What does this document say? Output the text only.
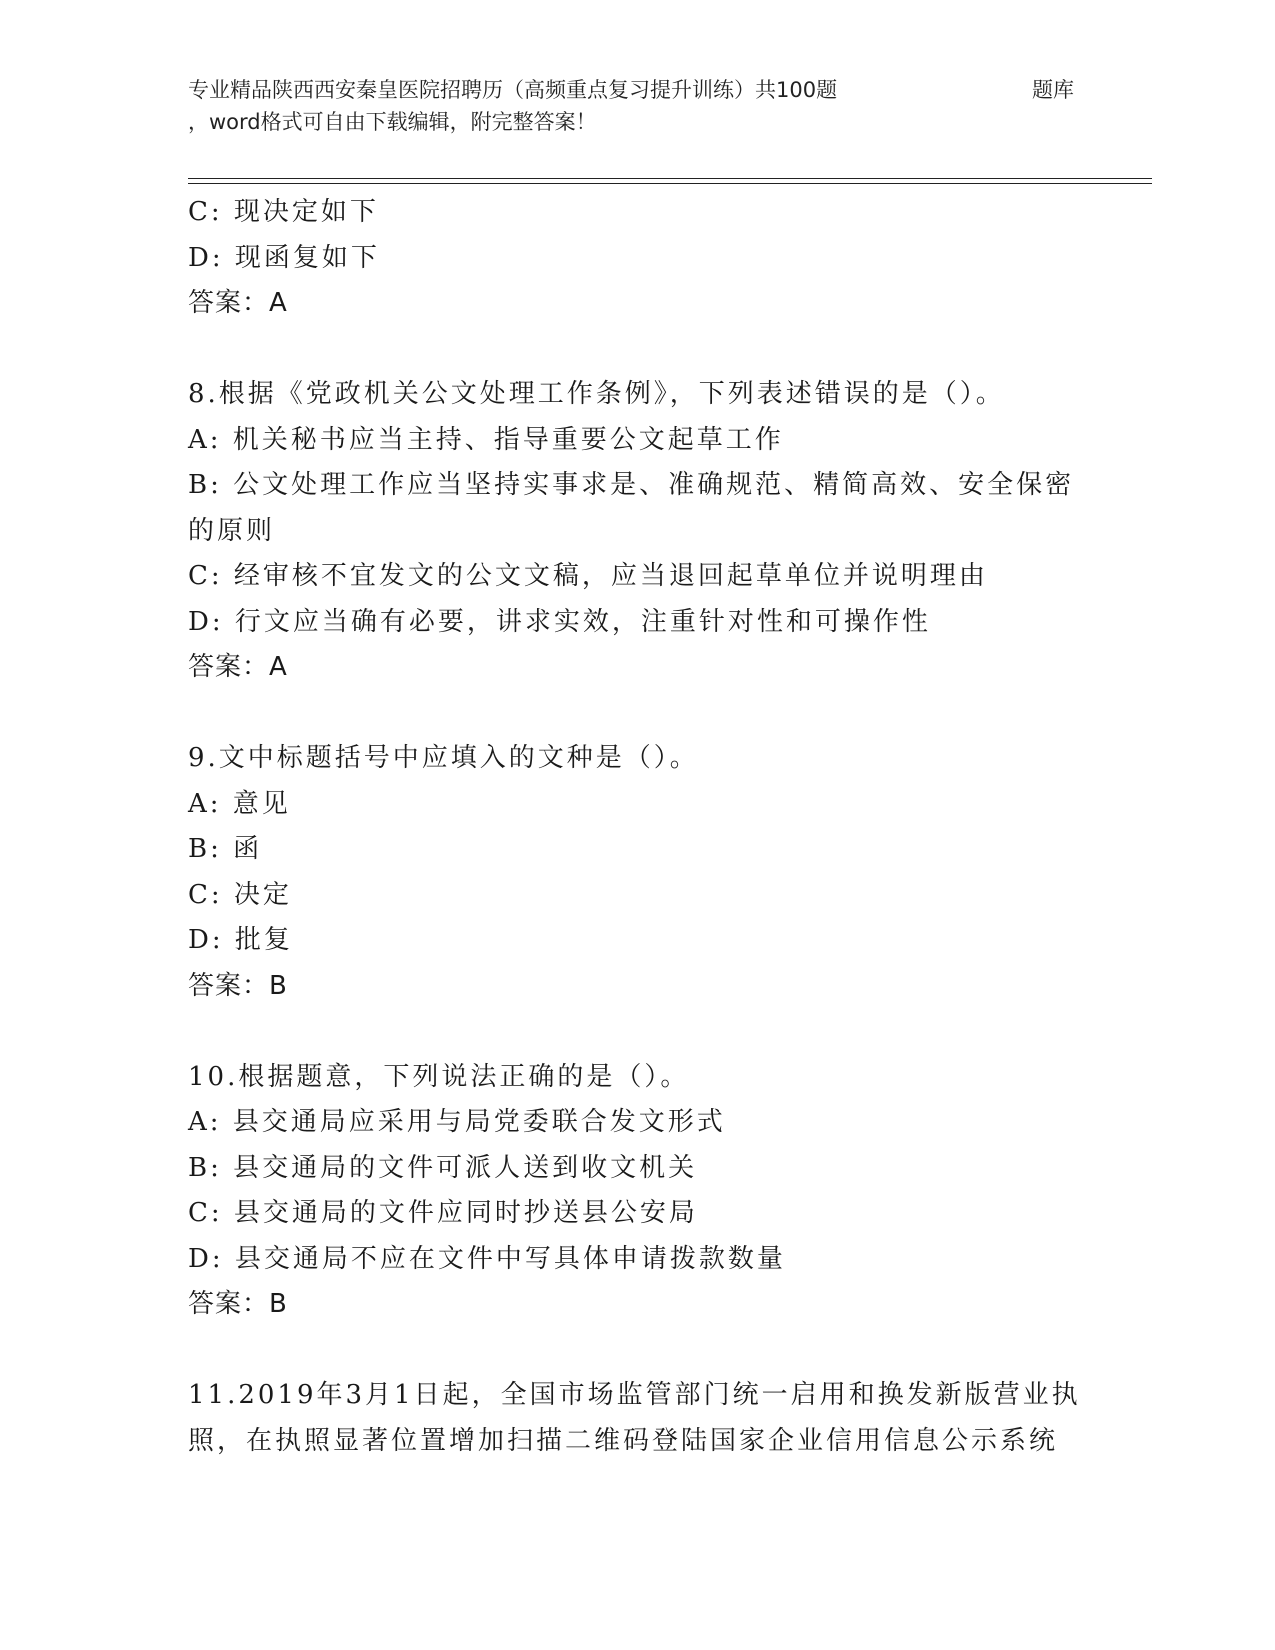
专业精品陕西西安秦皇医院招聘历（高频重点复习提升训练）共100题	题库
，word格式可自由下载编辑，附完整答案！
C: 现决定如下
D: 现函复如下
答案：A
8.根据《党政机关公文处理工作条例》，下列表述错误的是（）。
A: 机关秘书应当主持、指导重要公文起草工作
B: 公文处理工作应当坚持实事求是、准确规范、精简高效、安全保密
的原则
C: 经审核不宜发文的公文文稿，应当退回起草单位并说明理由
D: 行文应当确有必要，讲求实效，注重针对性和可操作性
答案：A
9.文中标题括号中应填入的文种是（）。
A: 意见
B: 函
C: 决定
D: 批复
答案：B
10.根据题意，下列说法正确的是（）。
A: 县交通局应采用与局党委联合发文形式
B: 县交通局的文件可派人送到收文机关
C: 县交通局的文件应同时抄送县公安局
D: 县交通局不应在文件中写具体申请拨款数量
答案：B
11.2019年3月1日起，全国市场监管部门统一启用和换发新版营业执
照，在执照显著位置增加扫描二维码登陆国家企业信用信息公示系统
